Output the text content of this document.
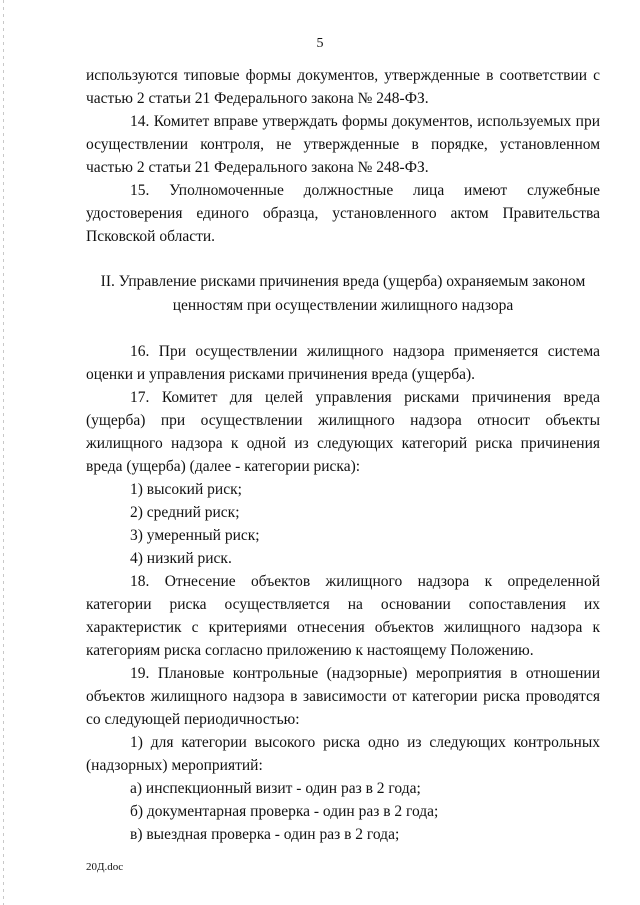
5

используются типовые формы документов, утвержденные в соответствии с частью 2 статьи 21 Федерального закона № 248-ФЗ.

14. Комитет вправе утверждать формы документов, используемых при осуществлении контроля, не утвержденные в порядке, установленном частью 2 статьи 21 Федерального закона № 248-ФЗ.

15. Уполномоченные должностные лица имеют служебные удостоверения единого образца, установленного актом Правительства Псковской области.

II. Управление рисками причинения вреда (ущерба) охраняемым законом
ценностям при осуществлении жилищного надзора

16. При осуществлении жилищного надзора применяется система оценки и управления рисками причинения вреда (ущерба).

17. Комитет для целей управления рисками причинения вреда (ущерба) при осуществлении жилищного надзора относит объекты жилищного надзора к одной из следующих категорий риска причинения вреда (ущерба) (далее - категории риска):

1) высокий риск;

2) средний риск;

3) умеренный риск;

4) низкий риск.

18. Отнесение объектов жилищного надзора к определенной категории риска осуществляется на основании сопоставления их характеристик с критериями отнесения объектов жилищного надзора к категориям риска согласно приложению к настоящему Положению.

19. Плановые контрольные (надзорные) мероприятия в отношении объектов жилищного надзора в зависимости от категории риска проводятся со следующей периодичностью:

1) для категории высокого риска одно из следующих контрольных (надзорных) мероприятий:

а) инспекционный визит - один раз в 2 года;

б) документарная проверка - один раз в 2 года;

в) выездная проверка - один раз в 2 года;

20Д.doc
